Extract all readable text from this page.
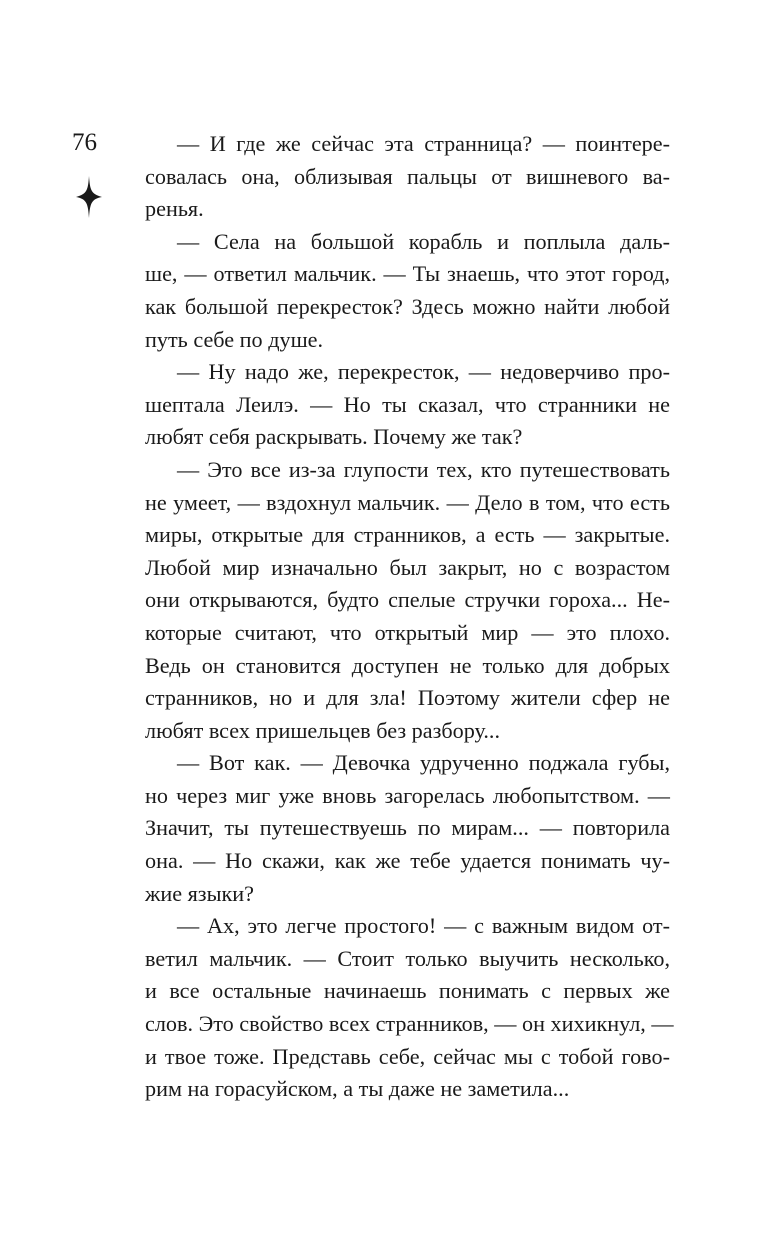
76	— И где же сейчас эта странница? — поинтере-
совалась она, облизывая пальцы от вишневого ва-
ренья.
— Села на большой корабль и поплыла даль-
ше, — ответил мальчик. — Ты знаешь, что этот город,
как большой перекресток? Здесь можно найти любой
путь себе по душе.
— Ну надо же, перекресток, — недоверчиво про-
шептала Леилэ. — Но ты сказал, что странники не
любят себя раскрывать. Почему же так?
— Это все из-за глупости тех, кто путешествовать
не умеет, — вздохнул мальчик. — Дело в том, что есть
миры, открытые для странников, а есть — закрытые.
Любой мир изначально был закрыт, но с возрастом
они открываются, будто спелые стручки гороха... Не-
которые считают, что открытый мир — это плохо.
Ведь он становится доступен не только для добрых
странников, но и для зла! Поэтому жители сфер не
любят всех пришельцев без разбору...
— Вот как. — Девочка удрученно поджала губы,
но через миг уже вновь загорелась любопытством. —
Значит, ты путешествуешь по мирам... — повторила
она. — Но скажи, как же тебе удается понимать чу-
жие языки?
— Ах, это легче простого! — с важным видом от-
ветил мальчик. — Стоит только выучить несколько,
и все остальные начинаешь понимать с первых же
слов. Это свойство всех странников, — он хихикнул, —
и твое тоже. Представь себе, сейчас мы с тобой гово-
рим на горасуйском, а ты даже не заметила...
